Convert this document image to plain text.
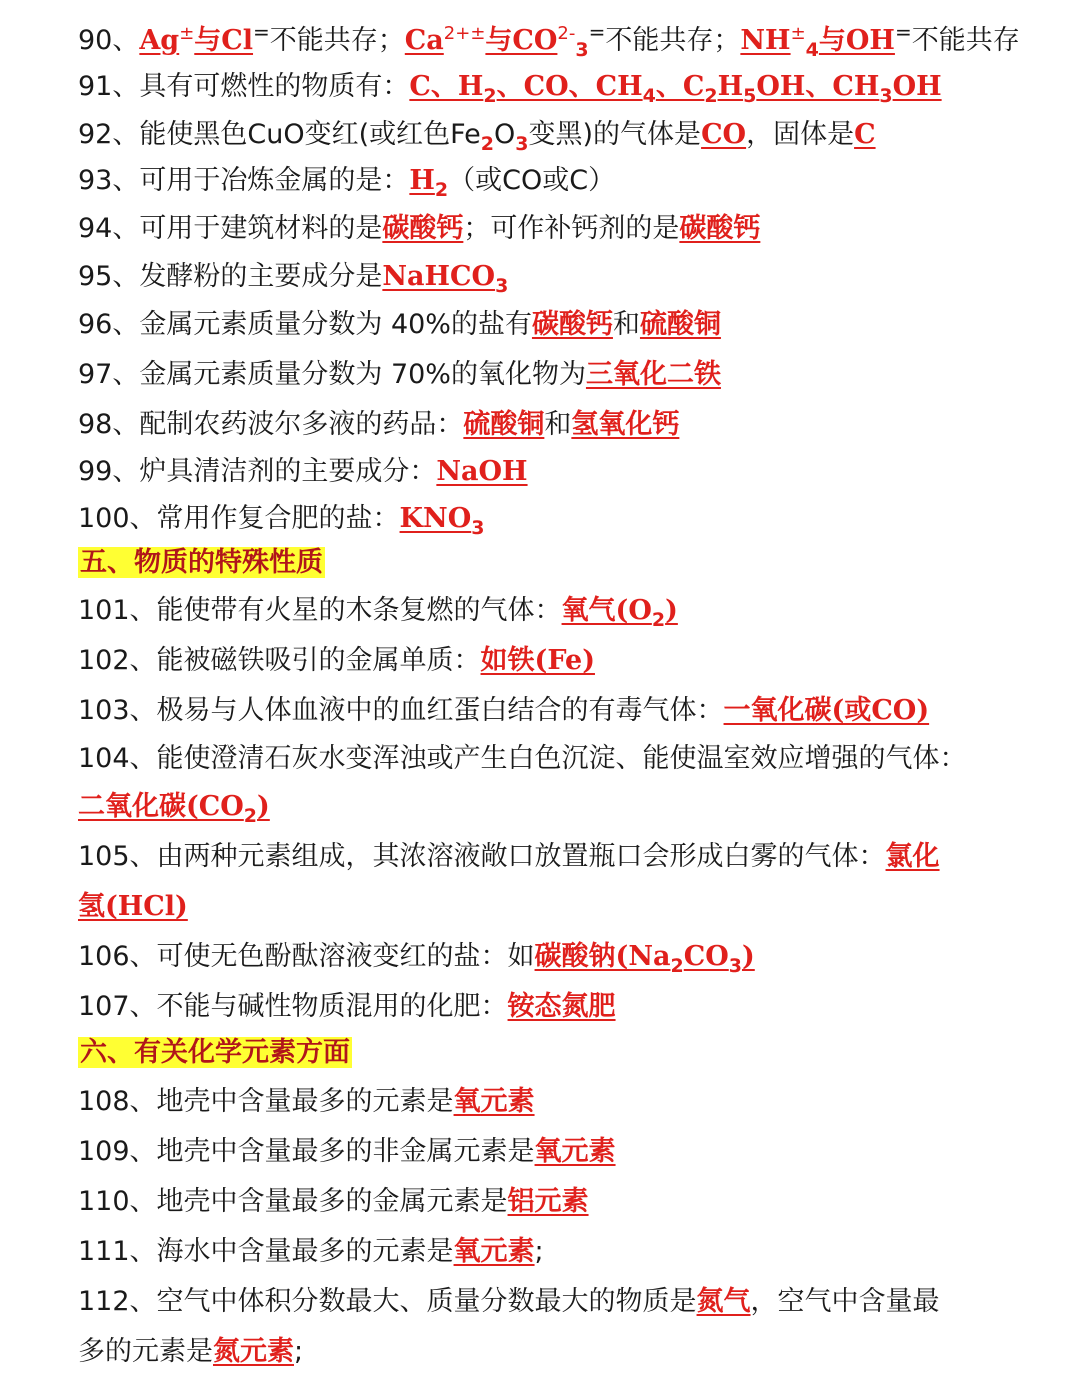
90、Ag±与Cl=不能共存；$Ca^{2+\pm}$与$CO^{2-}_3^=$不能共存；$NH^\pm_4$与OH=不能共存
91、具有可燃性的物质有：C、$H_2$、CO、$CH_4$、$C_2H_5OH$、$CH_3OH$
92、能使黑色CuO变红(或红色$Fe_2O_3$变黑)的气体是CO，固体是C
93、可用于冶炼金属的是：$H_2$（或CO或C）
94、可用于建筑材料的是碳酸钙；可作补钙剂的是碳酸钙
95、发酵粉的主要成分是NaHCO$_3$
96、金属元素质量分数为 40%的盐有碳酸钙和硫酸铜
97、金属元素质量分数为 70%的氧化物为三氧化二铁
98、配制农药波尔多液的药品：硫酸铜和氢氧化钙
99、炉具清洁剂的主要成分：NaOH
100、常用作复合肥的盐：$KNO_3$
五、物质的特殊性质
101、能使带有火星的木条复燃的气体：氧气$(O_2)$
102、能被磁铁吸引的金属单质：如铁(Fe)
103、极易与人体血液中的血红蛋白结合的有毒气体：一氧化碳(或CO)
104、能使澄清石灰水变浑浊或产生白色沉淀、能使温室效应增强的气体：
二氧化碳$(CO_2)$
105、由两种元素组成，其浓溶液敞口放置瓶口会形成白雾的气体：氯化
氢(HCl)
106、可使无色酚酞溶液变红的盐：如碳酸钠$(Na_2CO_3)$
107、不能与碱性物质混用的化肥：铵态氮肥
六、有关化学元素方面
108、地壳中含量最多的元素是氧元素
109、地壳中含量最多的非金属元素是氧元素
110、地壳中含量最多的金属元素是铝元素
111、海水中含量最多的元素是氧元素;
112、空气中体积分数最大、质量分数最大的物质是氮气，空气中含量最
多的元素是氮元素;
